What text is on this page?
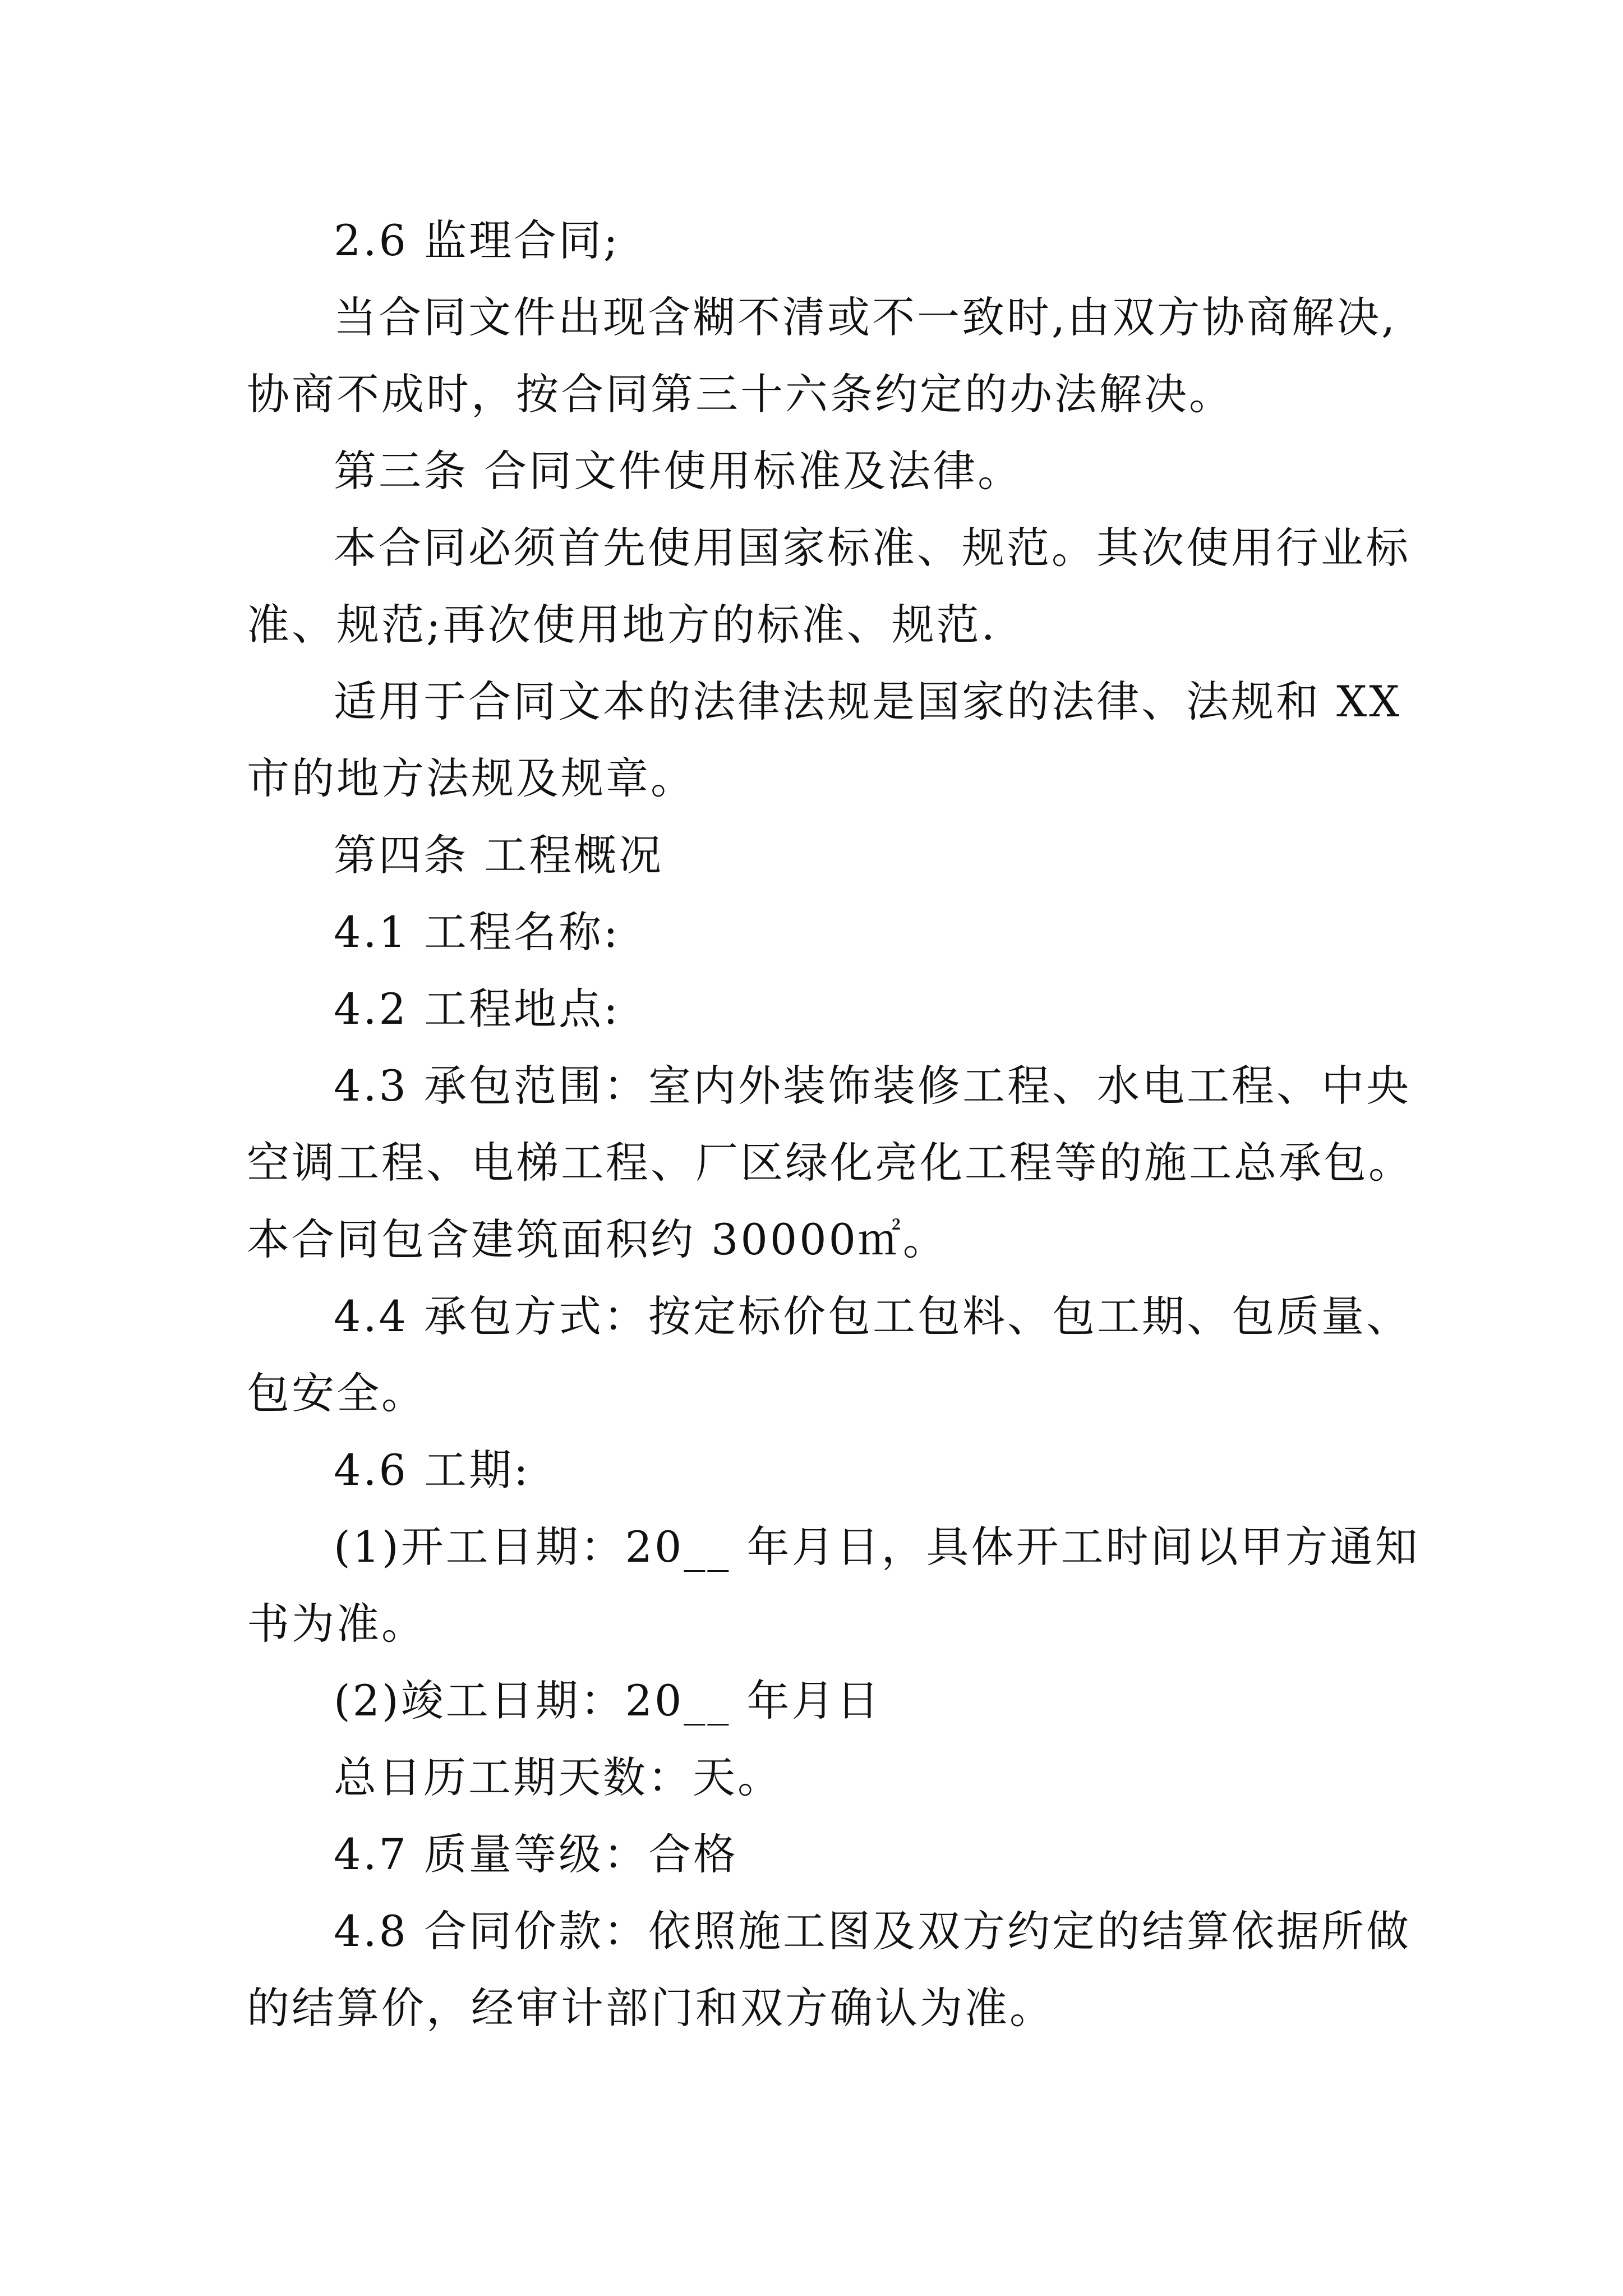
2.6 监理合同;
当合同文件出现含糊不清或不一致时,由双方协商解决,
协商不成时，按合同第三十六条约定的办法解决。
第三条 合同文件使用标准及法律。
本合同必须首先使用国家标准、规范。其次使用行业标
准、规范;再次使用地方的标准、规范.
适用于合同文本的法律法规是国家的法律、法规和 XX
市的地方法规及规章。
第四条 工程概况
4.1 工程名称:
4.2 工程地点:
4.3 承包范围：室内外装饰装修工程、水电工程、中央
空调工程、电梯工程、厂区绿化亮化工程等的施工总承包。
本合同包含建筑面积约 30000㎡。
4.4 承包方式：按定标价包工包料、包工期、包质量、
包安全。
4.6 工期:
(1)开工日期：20__ 年月日，具体开工时间以甲方通知
书为准。
(2)竣工日期：20__ 年月日
总日历工期天数：天。
4.7 质量等级：合格
4.8 合同价款：依照施工图及双方约定的结算依据所做
的结算价，经审计部门和双方确认为准。
